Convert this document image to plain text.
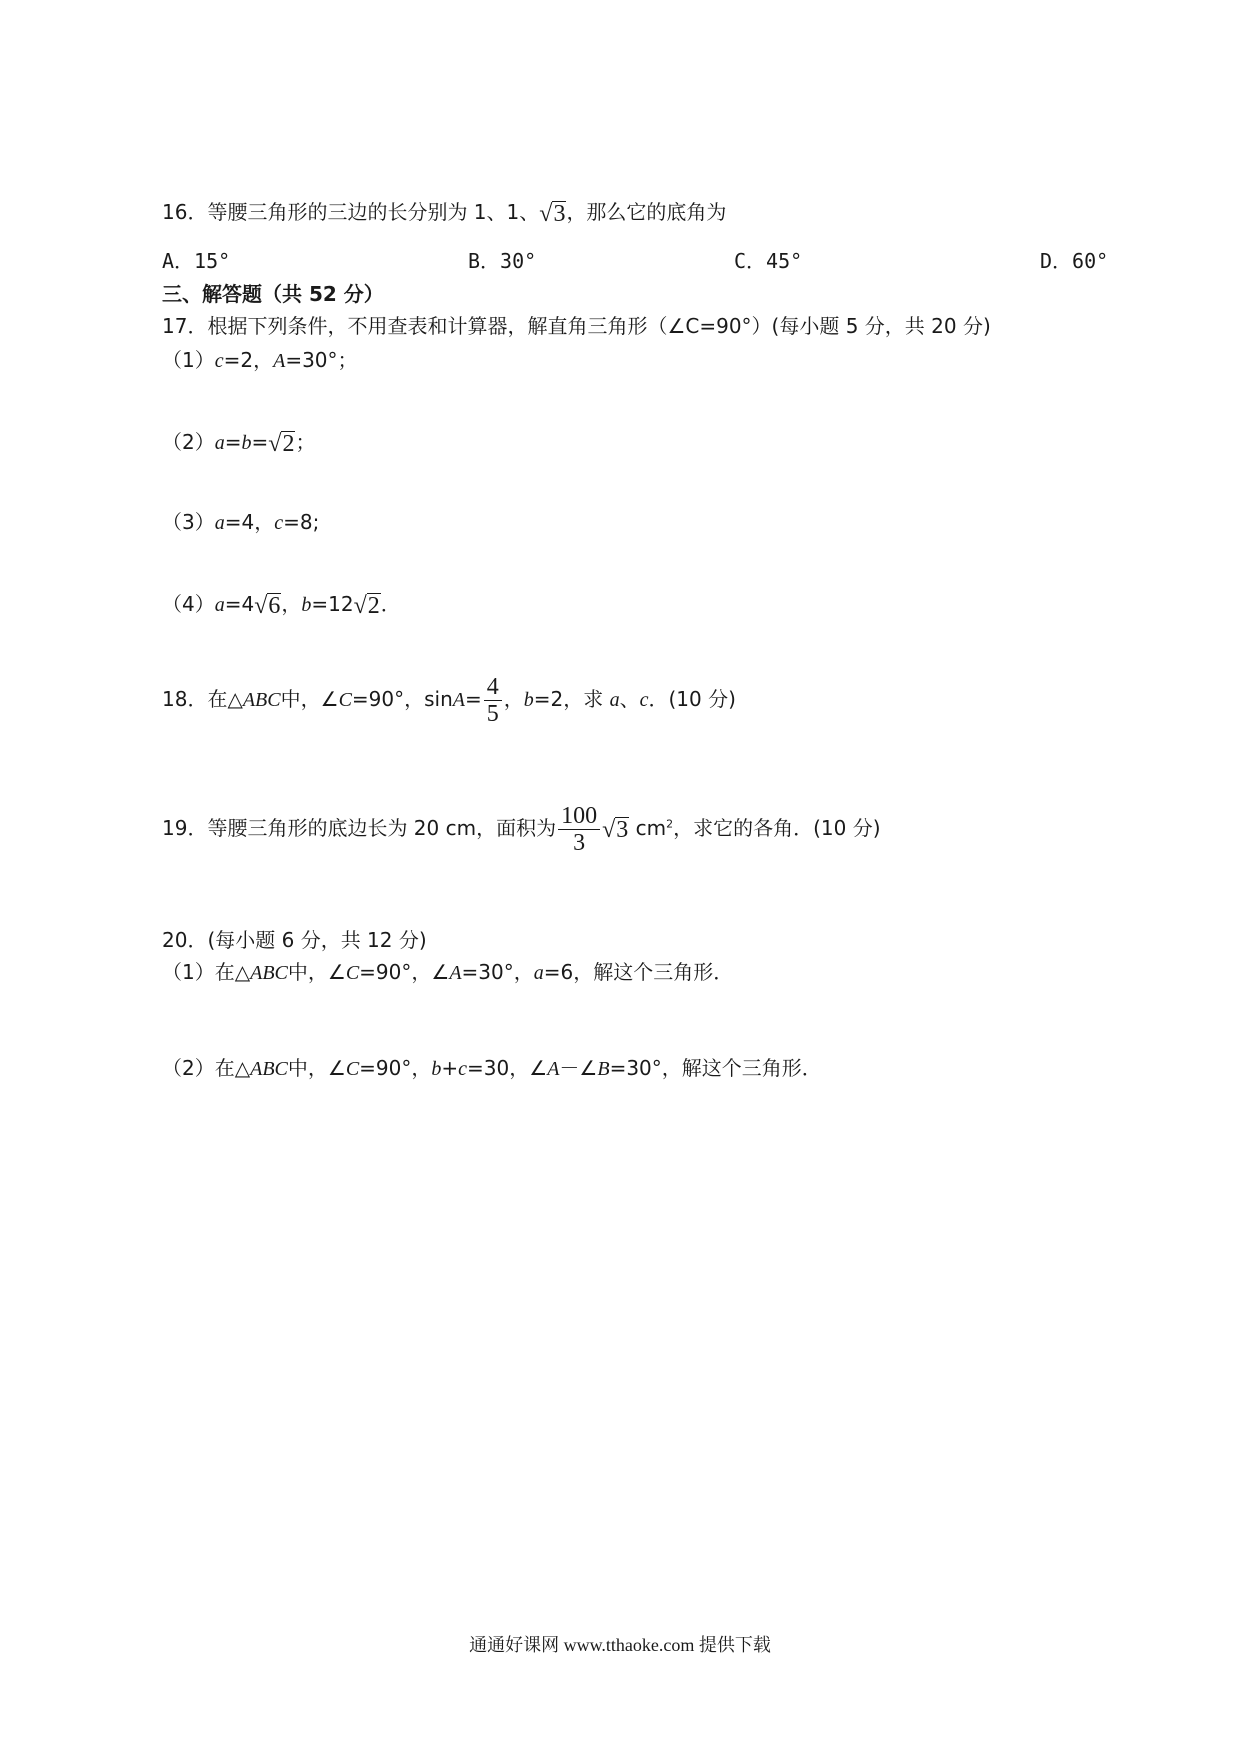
16．等腰三角形的三边的长分别为 1、1、√3，那么它的底角为
A．15°	B．30°	C．45°	D．60°
三、解答题（共 52 分）
17．根据下列条件，不用查表和计算器，解直角三角形（∠C=90°）(每小题 5 分，共 20 分)
（1）c=2，A=30°；
（2）a=b=√2；
（3）a=4，c=8;
（4）a=4√6，b=12√2．
18．在△ABC中，∠C=90°，$\sin A= \frac{4}{5}$ ，b=2，求 a、c．(10 分)
19．等腰三角形的底边长为 20 cm，面积为 $\frac{100}{3} √3$ $cm^2$，求它的各角．(10 分)
20．(每小题 6 分，共 12 分)
（1）在△ABC中，∠C=90°，∠A=30°，a=6，解这个三角形．
（2）在△ABC中，∠C=90°，b+c=30，∠A－∠B=30°，解这个三角形．
通通好课网 www.tthaoke.com 提供下载
